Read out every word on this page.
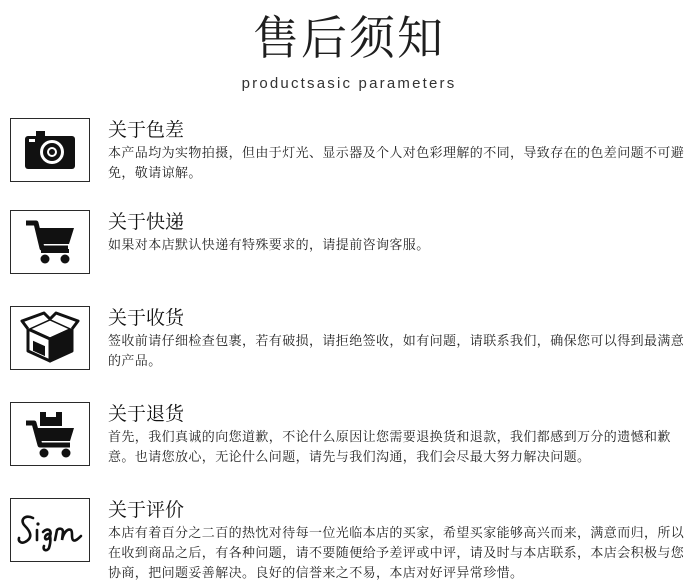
售后须知
productsasic parameters
关于色差
本产品均为实物拍摄，但由于灯光、显示器及个人对色彩理解的不同，导致存在的色差问题不可避免，敬请谅解。
关于快递
如果对本店默认快递有特殊要求的，请提前咨询客服。
关于收货
签收前请仔细检查包裹，若有破损，请拒绝签收，如有问题，请联系我们，确保您可以得到最满意的产品。
关于退货
首先，我们真诚的向您道歉，不论什么原因让您需要退换货和退款，我们都感到万分的遗憾和歉意。也请您放心，无论什么问题，请先与我们沟通，我们会尽最大努力解决问题。
关于评价
本店有着百分之二百的热忱对待每一位光临本店的买家，希望买家能够高兴而来，满意而归，所以在收到商品之后，有各种问题，请不要随便给予差评或中评，请及时与本店联系，本店会积极与您协商，把问题妥善解决。良好的信誉来之不易，本店对好评异常珍惜。
